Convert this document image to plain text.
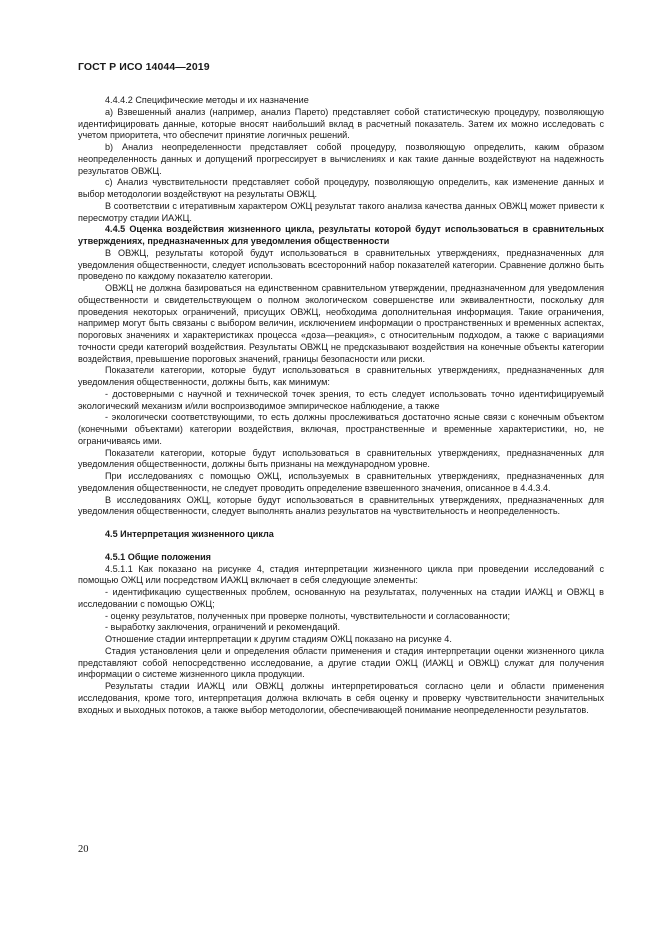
ГОСТ Р ИСО 14044—2019

4.4.4.2 Специфические методы и их назначение

a) Взвешенный анализ (например, анализ Парето) представляет собой статистическую процедуру, позволяющую идентифицировать данные, которые вносят наибольший вклад в расчетный показатель. Затем их можно исследовать с учетом приоритета, что обеспечит принятие логичных решений.

b) Анализ неопределенности представляет собой процедуру, позволяющую определить, каким образом неопределенность данных и допущений прогрессирует в вычислениях и как такие данные воздействуют на надежность результатов ОВЖЦ.

c) Анализ чувствительности представляет собой процедуру, позволяющую определить, как изменение данных и выбор методологии воздействуют на результаты ОВЖЦ.

В соответствии с итеративным характером ОЖЦ результат такого анализа качества данных ОВЖЦ может привести к пересмотру стадии ИАЖЦ.

4.4.5 Оценка воздействия жизненного цикла, результаты которой будут использоваться в сравнительных утверждениях, предназначенных для уведомления общественности

В ОВЖЦ, результаты которой будут использоваться в сравнительных утверждениях, предназначенных для уведомления общественности, следует использовать всесторонний набор показателей категории. Сравнение должно быть проведено по каждому показателю категории.

ОВЖЦ не должна базироваться на единственном сравнительном утверждении, предназначенном для уведомления общественности и свидетельствующем о полном экологическом совершенстве или эквивалентности, поскольку для проведения некоторых ограничений, присущих ОВЖЦ, необходима дополнительная информация. Такие ограничения, например могут быть связаны с выбором величин, исключением информации о пространственных и временных аспектах, пороговых значениях и характеристиках процесса «доза—реакция», с относительным подходом, а также с вариациями точности среди категорий воздействия. Результаты ОВЖЦ не предсказывают воздействия на конечные объекты категории воздействия, превышение пороговых значений, границы безопасности или риски.

Показатели категории, которые будут использоваться в сравнительных утверждениях, предназначенных для уведомления общественности, должны быть, как минимум:

- достоверными с научной и технической точек зрения, то есть следует использовать точно идентифицируемый экологический механизм и/или воспроизводимое эмпирическое наблюдение, а также

- экологически соответствующими, то есть должны прослеживаться достаточно ясные связи с конечным объектом (конечными объектами) категории воздействия, включая, пространственные и временные характеристики, но, не ограничиваясь ими.

Показатели категории, которые будут использоваться в сравнительных утверждениях, предназначенных для уведомления общественности, должны быть признаны на международном уровне.

При исследованиях с помощью ОЖЦ, используемых в сравнительных утверждениях, предназначенных для уведомления общественности, не следует проводить определение взвешенного значения, описанное в 4.4.3.4.

В исследованиях ОЖЦ, которые будут использоваться в сравнительных утверждениях, предназначенных для уведомления общественности, следует выполнять анализ результатов на чувствительность и неопределенность.

4.5 Интерпретация жизненного цикла

4.5.1 Общие положения

4.5.1.1 Как показано на рисунке 4, стадия интерпретации жизненного цикла при проведении исследований с помощью ОЖЦ или посредством ИАЖЦ включает в себя следующие элементы:

- идентификацию существенных проблем, основанную на результатах, полученных на стадии ИАЖЦ и ОВЖЦ в исследовании с помощью ОЖЦ;

- оценку результатов, полученных при проверке полноты, чувствительности и согласованности;

- выработку заключения, ограничений и рекомендаций.

Отношение стадии интерпретации к другим стадиям ОЖЦ показано на рисунке 4.

Стадия установления цели и определения области применения и стадия интерпретации оценки жизненного цикла представляют собой непосредственно исследование, а другие стадии ОЖЦ (ИАЖЦ и ОВЖЦ) служат для получения информации о системе жизненного цикла продукции.

Результаты стадии ИАЖЦ или ОВЖЦ должны интерпретироваться согласно цели и области применения исследования, кроме того, интерпретация должна включать в себя оценку и проверку чувствительности значительных входных и выходных потоков, а также выбор методологии, обеспечивающей понимание неопределенности результатов.

20
